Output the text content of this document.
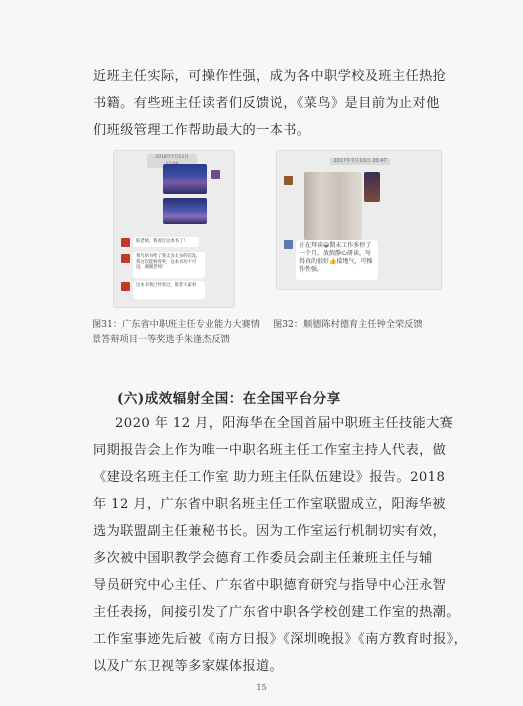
近班主任实际，可操作性强，成为各中职学校及班主任热抢
书籍。有些班主任读者们反馈说，《菜鸟》是目前为止对他
们班级管理工作帮助最大的一本书。

2018年7月12日
阳老师，我看过这本书了！
菜鸟的书给了我太多太多的启发，我这次能够得奖，这本书功不可没，谢谢老师！
这本书我已经看过，推荐大家看
2017年7月10日 20:47
正在拜读😀期末工作多停了一个月，放假静心研读。写得真的很好👍接地气，可操作性强。

图31：广东省中职班主任专业能力大赛情景答辩项目一等奖选手朱逢杰反馈

图32：顺德陈村德育主任钟全荣反馈

(六)成效辐射全国：在全国平台分享

2020 年 12 月，阳海华在全国首届中职班主任技能大赛
同期报告会上作为唯一中职名班主任工作室主持人代表，做
《建设名班主任工作室 助力班主任队伍建设》报告。2018
年 12 月，广东省中职名班主任工作室联盟成立，阳海华被
选为联盟副主任兼秘书长。因为工作室运行机制切实有效，
多次被中国职教学会德育工作委员会副主任兼班主任与辅
导员研究中心主任、广东省中职德育研究与指导中心汪永智
主任表扬，间接引发了广东省中职各学校创建工作室的热潮。
工作室事迹先后被《南方日报》《深圳晚报》《南方教育时报》，
以及广东卫视等多家媒体报道。

15
